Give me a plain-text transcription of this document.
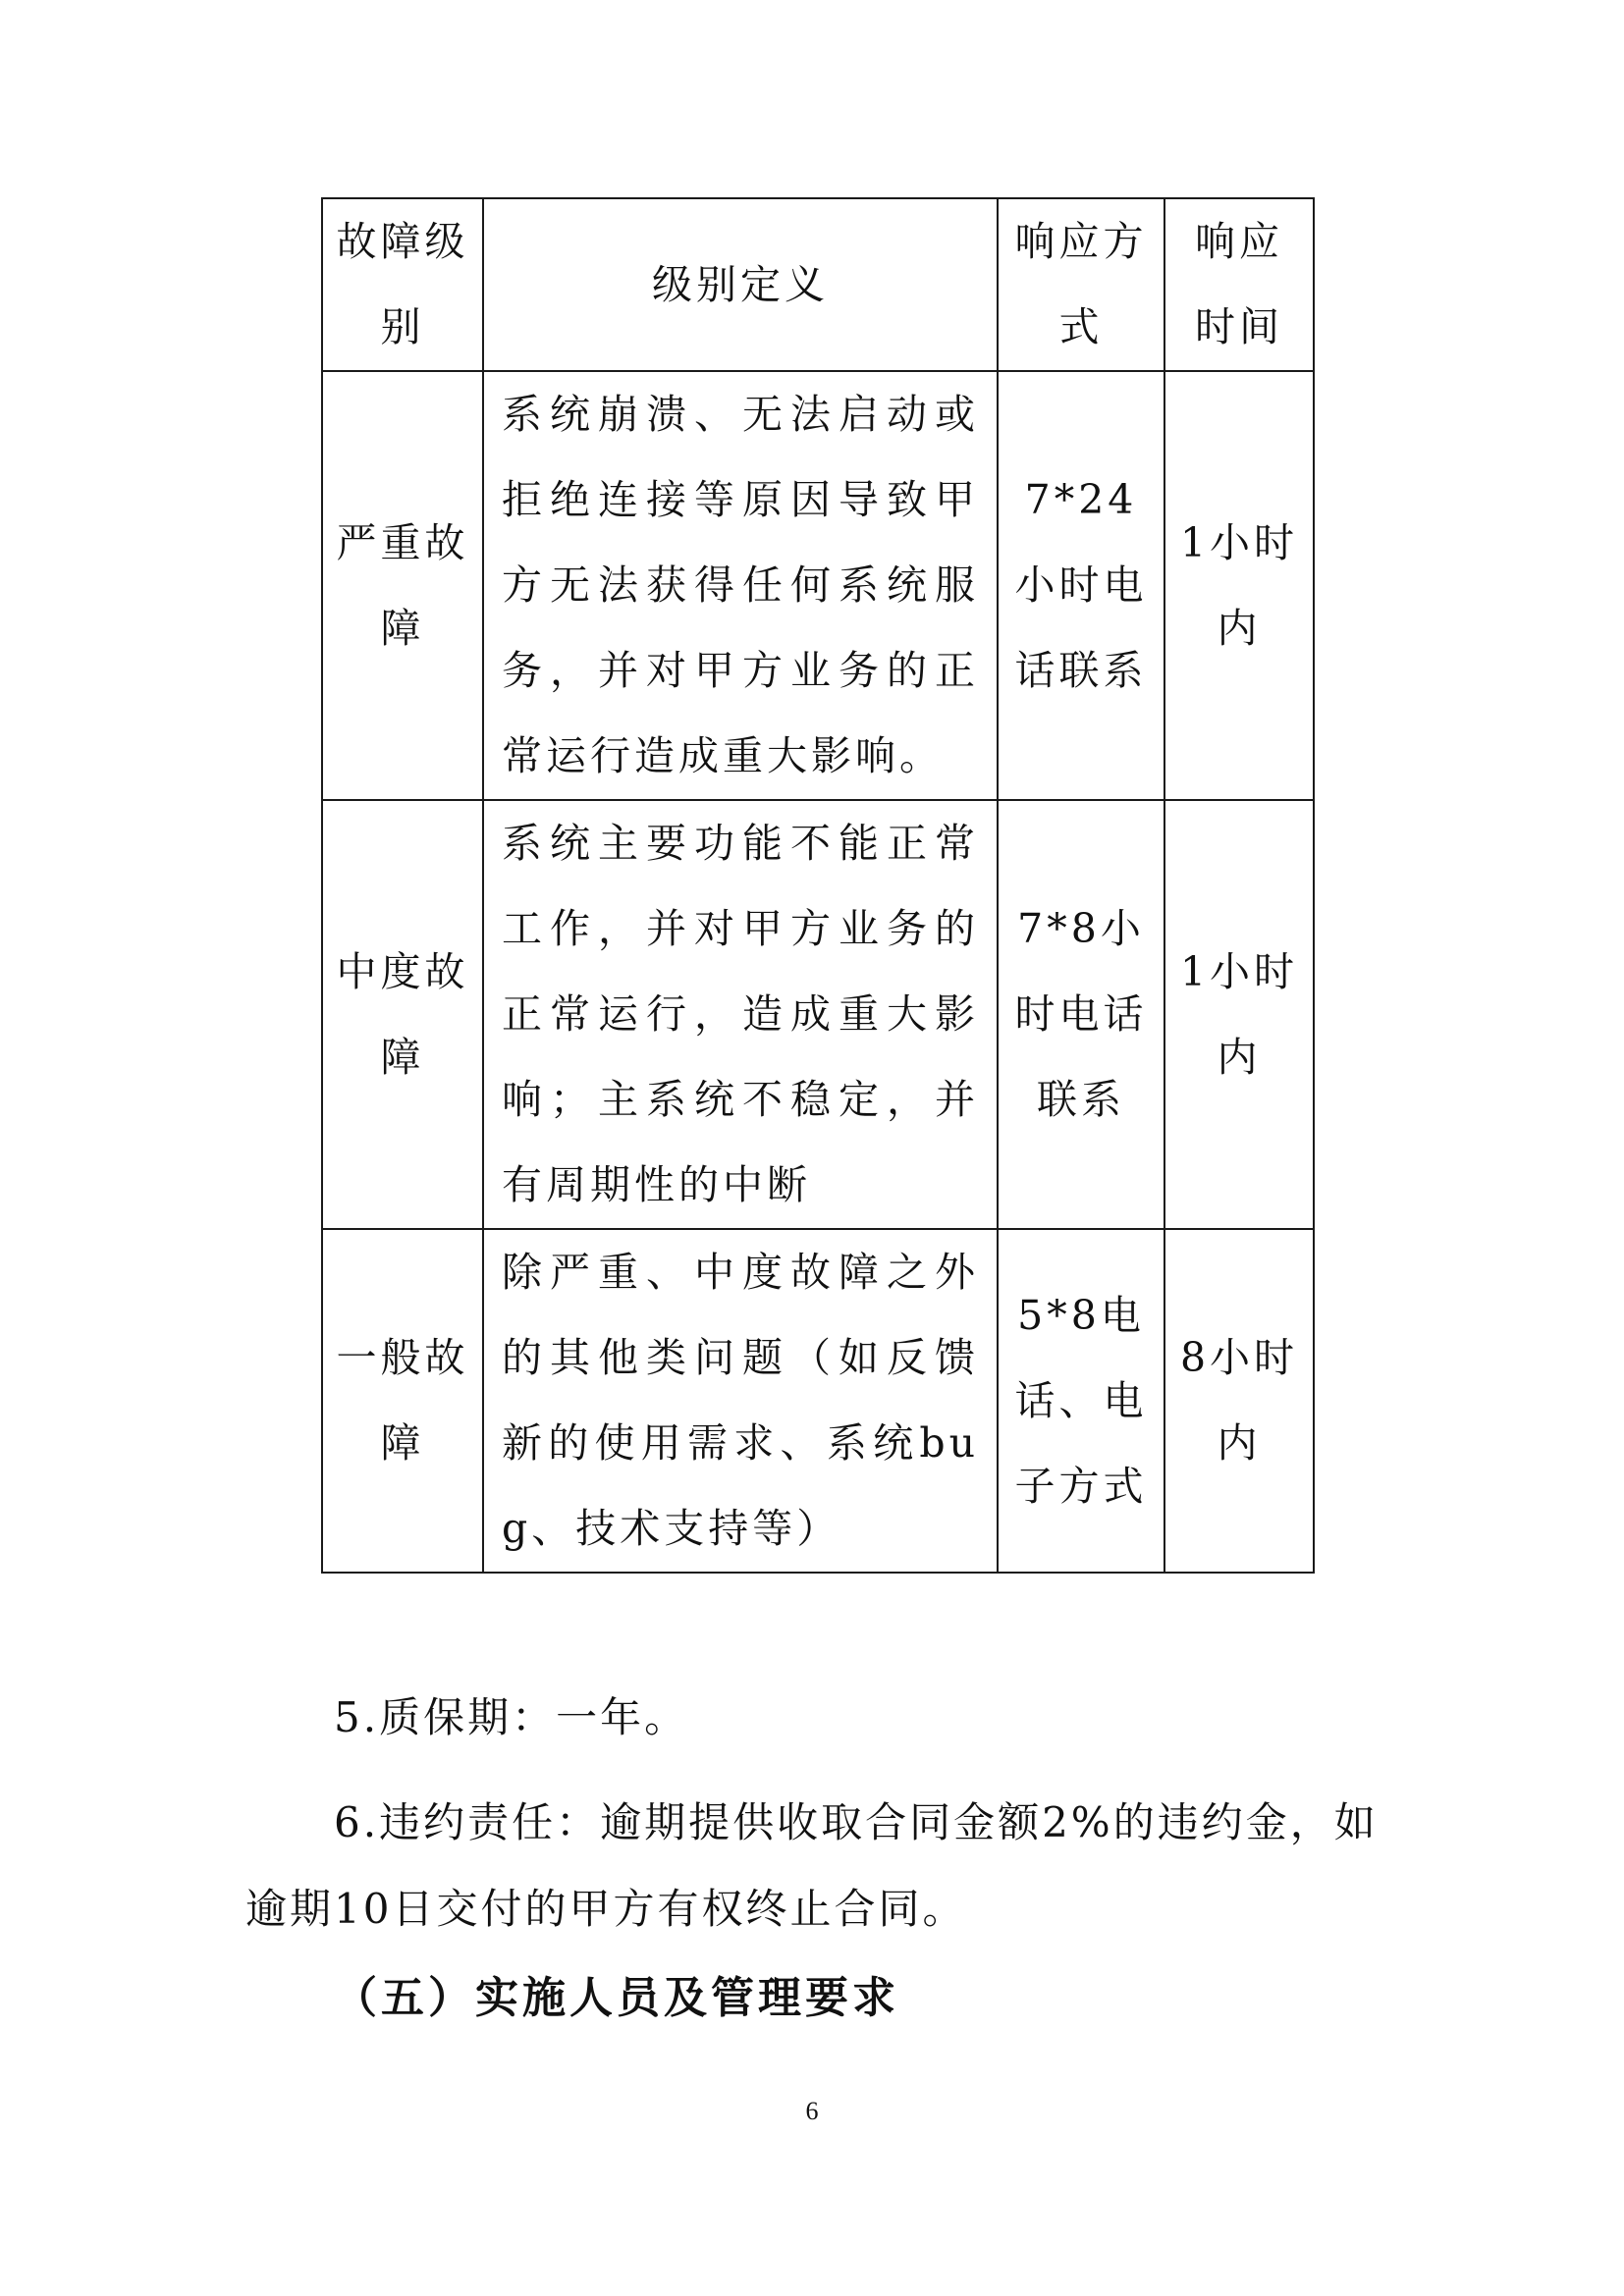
故障级别	级别定义	响应方式	响应时间
严重故障	系统崩溃、无法启动或拒绝连接等原因导致甲方无法获得任何系统服务，并对甲方业务的正常运行造成重大影响。	7*24小时电话联系	1小时内
中度故障	系统主要功能不能正常工作，并对甲方业务的正常运行，造成重大影响；主系统不稳定，并有周期性的中断	7*8小时电话联系	1小时内
一般故障	除严重、中度故障之外的其他类问题（如反馈新的使用需求、系统bug、技术支持等）	5*8电话、电子方式	8小时内

5.质保期：一年。

6.违约责任：逾期提供收取合同金额2%的违约金，如逾期10日交付的甲方有权终止合同。

（五）实施人员及管理要求
6
